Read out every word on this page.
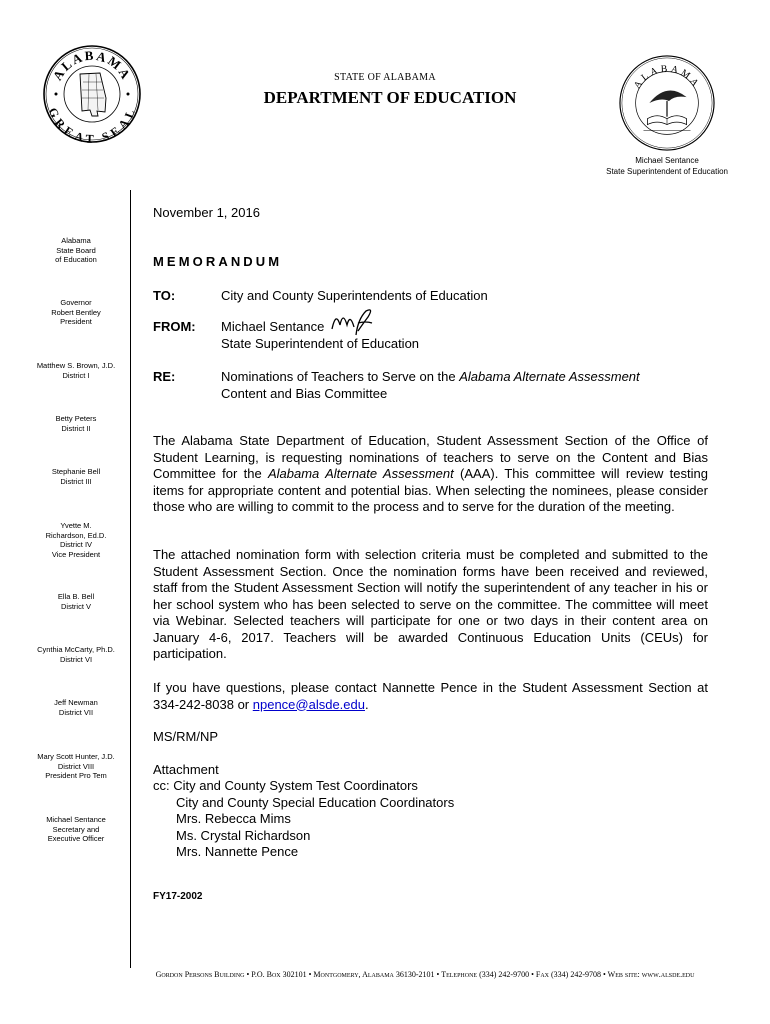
ALABAMA
GREAT SEAL
ALABAMA
STATE OF ALABAMA
DEPARTMENT OF EDUCATION
Michael Sentance
State Superintendent of Education
Alabama
State Board
of Education
Governor
Robert Bentley
President
Matthew S. Brown, J.D.
District I
Betty Peters
District II
Stephanie Bell
District III
Yvette M.
Richardson, Ed.D.
District IV
Vice President
Ella B. Bell
District V
Cynthia McCarty, Ph.D.
District VI
Jeff Newman
District VII
Mary Scott Hunter, J.D.
District VIII
President Pro Tem
Michael Sentance
Secretary and
Executive Officer
November 1, 2016
MEMORANDUM
TO:	City and County Superintendents of Education
FROM: Michael Sentance
State Superintendent of Education
RE:	Nominations of Teachers to Serve on the Alabama Alternate Assessment
Content and Bias Committee
The Alabama State Department of Education, Student Assessment Section of the Office of Student Learning, is requesting nominations of teachers to serve on the Content and Bias Committee for the Alabama Alternate Assessment (AAA). This committee will review testing items for appropriate content and potential bias. When selecting the nominees, please consider those who are willing to commit to the process and to serve for the duration of the meeting.
The attached nomination form with selection criteria must be completed and submitted to the Student Assessment Section. Once the nomination forms have been received and reviewed, staff from the Student Assessment Section will notify the superintendent of any teacher in his or her school system who has been selected to serve on the committee. The committee will meet via Webinar. Selected teachers will participate for one or two days in their content area on January 4-6, 2017. Teachers will be awarded Continuous Education Units (CEUs) for participation.
If you have questions, please contact Nannette Pence in the Student Assessment Section at 334-242-8038 or npence@alsde.edu.
MS/RM/NP
Attachment
cc: City and County System Test Coordinators
City and County Special Education Coordinators
Mrs. Rebecca Mims
Ms. Crystal Richardson
Mrs. Nannette Pence
FY17-2002
Gordon Persons Building • P.O. Box 302101 • Montgomery, Alabama 36130-2101 • Telephone (334) 242-9700 • Fax (334) 242-9708 • Web site: www.alsde.edu
